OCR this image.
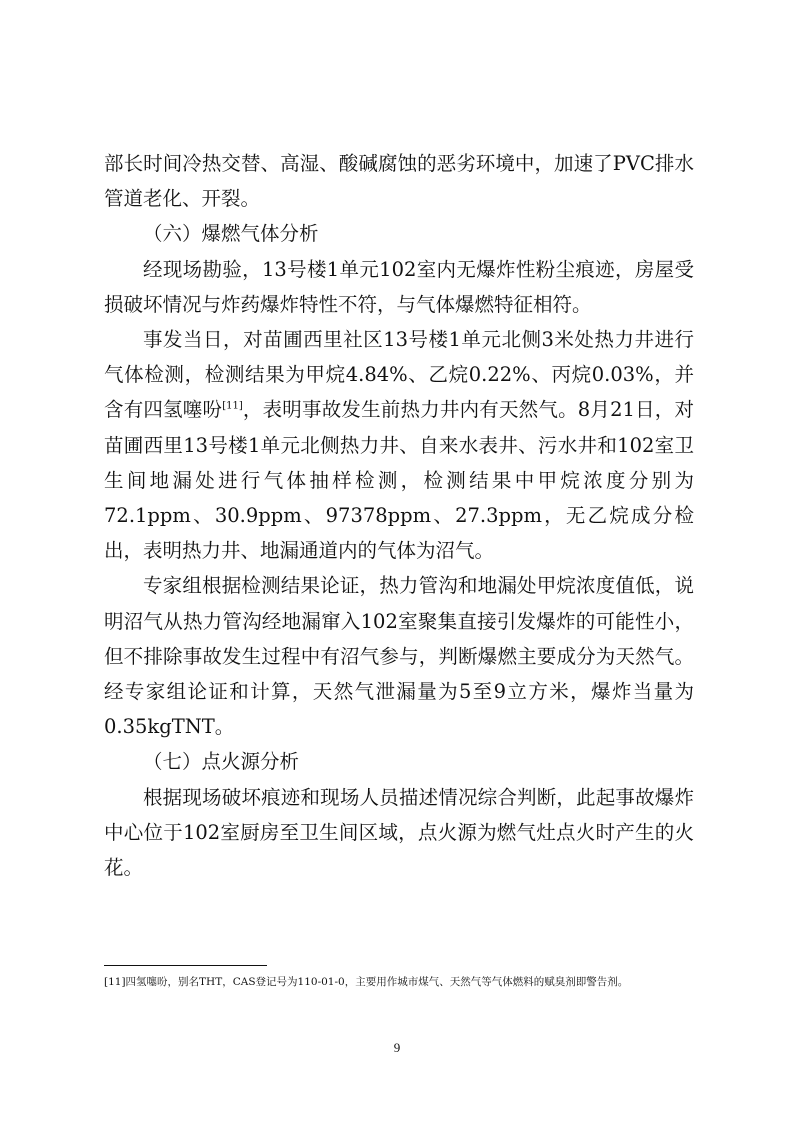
部长时间冷热交替、高湿、酸碱腐蚀的恶劣环境中，加速了PVC排水管道老化、开裂。

（六）爆燃气体分析

经现场勘验，13号楼1单元102室内无爆炸性粉尘痕迹，房屋受损破坏情况与炸药爆炸特性不符，与气体爆燃特征相符。

事发当日，对苗圃西里社区13号楼1单元北侧3米处热力井进行气体检测，检测结果为甲烷4.84%、乙烷0.22%、丙烷0.03%，并含有四氢噻吩[11]，表明事故发生前热力井内有天然气。8月21日，对苗圃西里13号楼1单元北侧热力井、自来水表井、污水井和102室卫生间地漏处进行气体抽样检测，检测结果中甲烷浓度分别为72.1ppm、30.9ppm、97378ppm、27.3ppm，无乙烷成分检出，表明热力井、地漏通道内的气体为沼气。

专家组根据检测结果论证，热力管沟和地漏处甲烷浓度值低，说明沼气从热力管沟经地漏窜入102室聚集直接引发爆炸的可能性小，但不排除事故发生过程中有沼气参与，判断爆燃主要成分为天然气。经专家组论证和计算，天然气泄漏量为5至9立方米，爆炸当量为0.35kgTNT。

（七）点火源分析

根据现场破坏痕迹和现场人员描述情况综合判断，此起事故爆炸中心位于102室厨房至卫生间区域，点火源为燃气灶点火时产生的火花。

[11]四氢噻吩，别名THT，CAS登记号为110-01-0，主要用作城市煤气、天然气等气体燃料的赋臭剂即警告剂。
9
